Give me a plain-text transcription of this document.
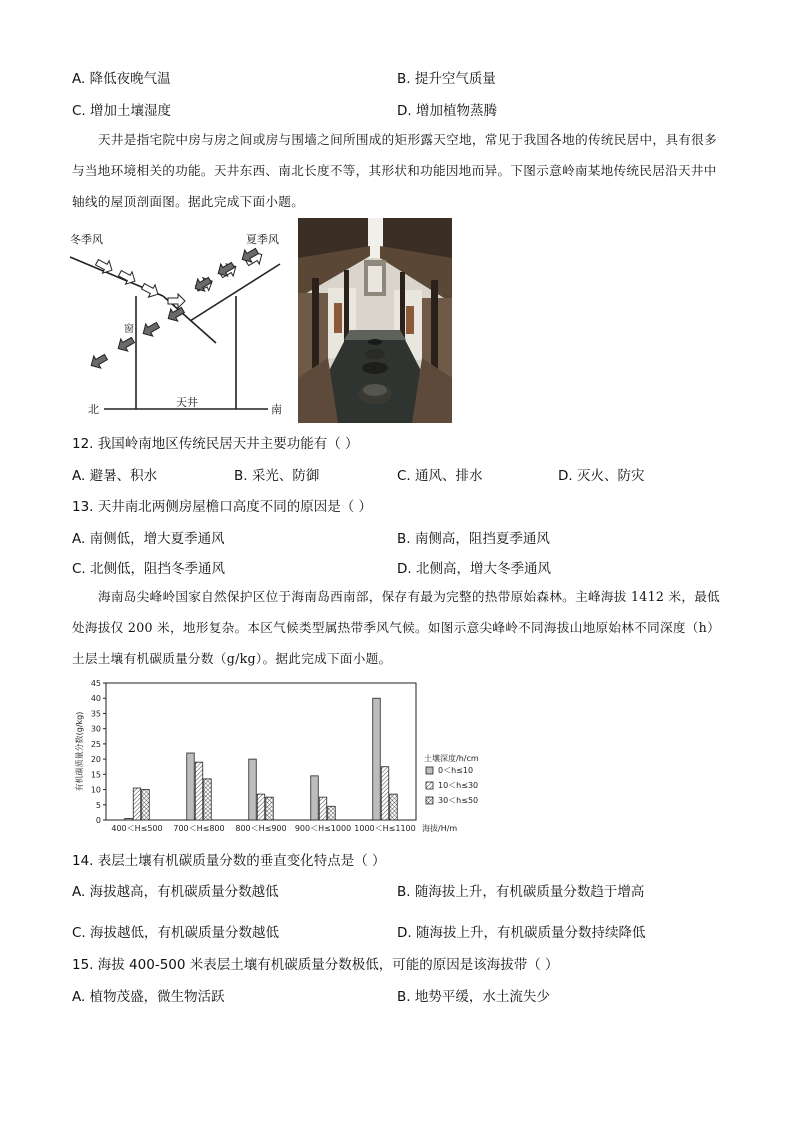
A. 降低夜晚气温	B. 提升空气质量
C. 增加土壤湿度	D. 增加植物蒸腾
天井是指宅院中房与房之间或房与围墙之间所围成的矩形露天空地，常见于我国各地的传统民居中，具有很多与当地环境相关的功能。天井东西、南北长度不等，其形状和功能因地而异。下图示意岭南某地传统民居沿天井中轴线的屋顶剖面图。据此完成下面小题。
冬季风	夏季风
窗
天井
北	南
12. 我国岭南地区传统民居天井主要功能有（ ）
A. 避暑、积水	B. 采光、防御	C. 通风、排水	D. 灭火、防灾
13. 天井南北两侧房屋檐口高度不同的原因是（ ）
A. 南侧低，增大夏季通风	B. 南侧高，阻挡夏季通风
C. 北侧低，阻挡冬季通风	D. 北侧高，增大冬季通风
海南岛尖峰岭国家自然保护区位于海南岛西南部，保存有最为完整的热带原始森林。主峰海拔 1412 米，最低处海拔仅 200 米，地形复杂。本区气候类型属热带季风气候。如图示意尖峰岭不同海拔山地原始林不同深度（h）土层土壤有机碳质量分数（g/kg）。据此完成下面小题。
0
5
10
15
20
25
30
35
40
45
有机碳质量分数(g/kg)
400＜H≤500 700＜H≤800 800＜H≤900 900＜H≤1000 1000＜H≤1100 海拔/H/m
土壤深度/h/cm
0＜h≤10
10＜h≤30
30＜h≤50
14. 表层土壤有机碳质量分数的垂直变化特点是（ ）
A. 海拔越高，有机碳质量分数越低	B. 随海拔上升，有机碳质量分数趋于增高
C. 海拔越低，有机碳质量分数越低	D. 随海拔上升，有机碳质量分数持续降低
15. 海拔 400-500 米表层土壤有机碳质量分数极低，可能的原因是该海拔带（ ）
A. 植物茂盛，微生物活跃	B. 地势平缓，水土流失少
